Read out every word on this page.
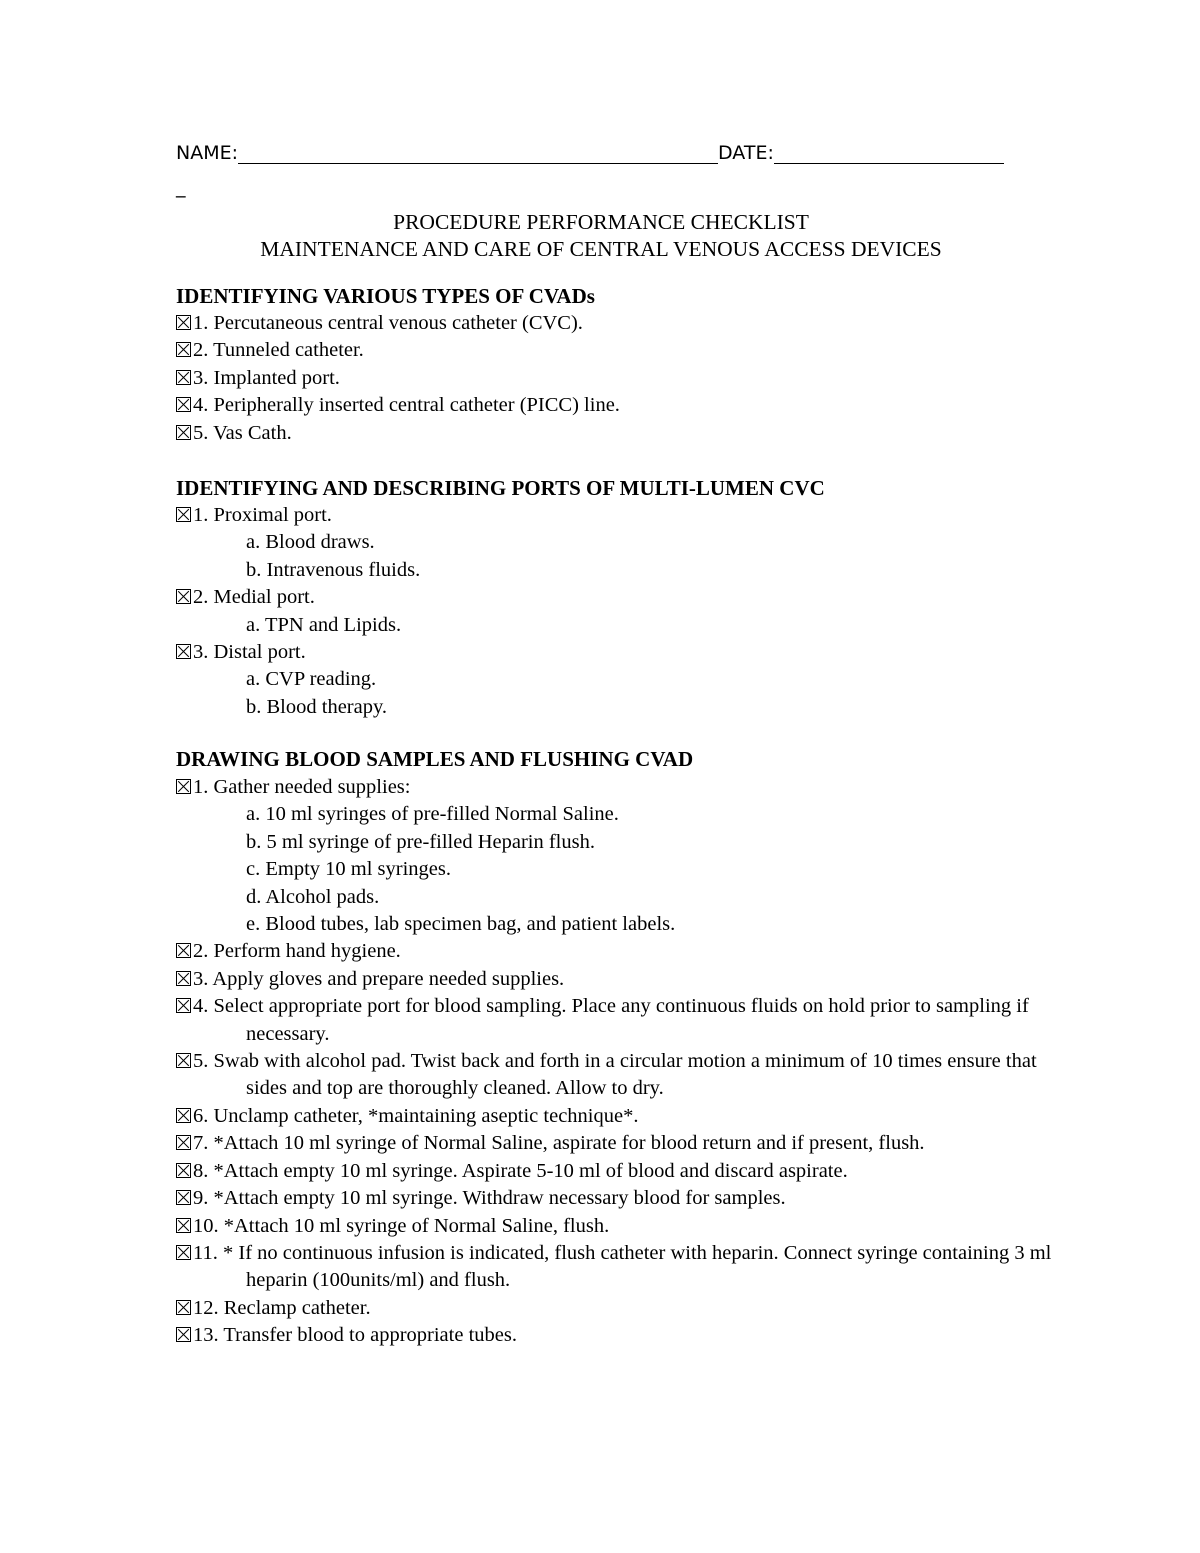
NAME:	DATE:
_
PROCEDURE PERFORMANCE CHECKLIST
MAINTENANCE AND CARE OF CENTRAL VENOUS ACCESS DEVICES
IDENTIFYING VARIOUS TYPES OF CVADs
1. Percutaneous central venous catheter (CVC).
2. Tunneled catheter.
3. Implanted port.
4. Peripherally inserted central catheter (PICC) line.
5. Vas Cath.
IDENTIFYING AND DESCRIBING PORTS OF MULTI-LUMEN CVC
1. Proximal port.
a. Blood draws.
b. Intravenous fluids.
2. Medial port.
a. TPN and Lipids.
3. Distal port.
a. CVP reading.
b. Blood therapy.
DRAWING BLOOD SAMPLES AND FLUSHING CVAD
1. Gather needed supplies:
a. 10 ml syringes of pre-filled Normal Saline.
b. 5 ml syringe of pre-filled Heparin flush.
c. Empty 10 ml syringes.
d. Alcohol pads.
e. Blood tubes, lab specimen bag, and patient labels.
2. Perform hand hygiene.
3. Apply gloves and prepare needed supplies.
4. Select appropriate port for blood sampling. Place any continuous fluids on hold prior to sampling if necessary.
5. Swab with alcohol pad. Twist back and forth in a circular motion a minimum of 10 times ensure that sides and top are thoroughly cleaned. Allow to dry.
6. Unclamp catheter, *maintaining aseptic technique*.
7. *Attach 10 ml syringe of Normal Saline, aspirate for blood return and if present, flush.
8. *Attach empty 10 ml syringe. Aspirate 5-10 ml of blood and discard aspirate.
9. *Attach empty 10 ml syringe. Withdraw necessary blood for samples.
10. *Attach 10 ml syringe of Normal Saline, flush.
11. * If no continuous infusion is indicated, flush catheter with heparin. Connect syringe containing 3 ml heparin (100units/ml) and flush.
12. Reclamp catheter.
13. Transfer blood to appropriate tubes.
